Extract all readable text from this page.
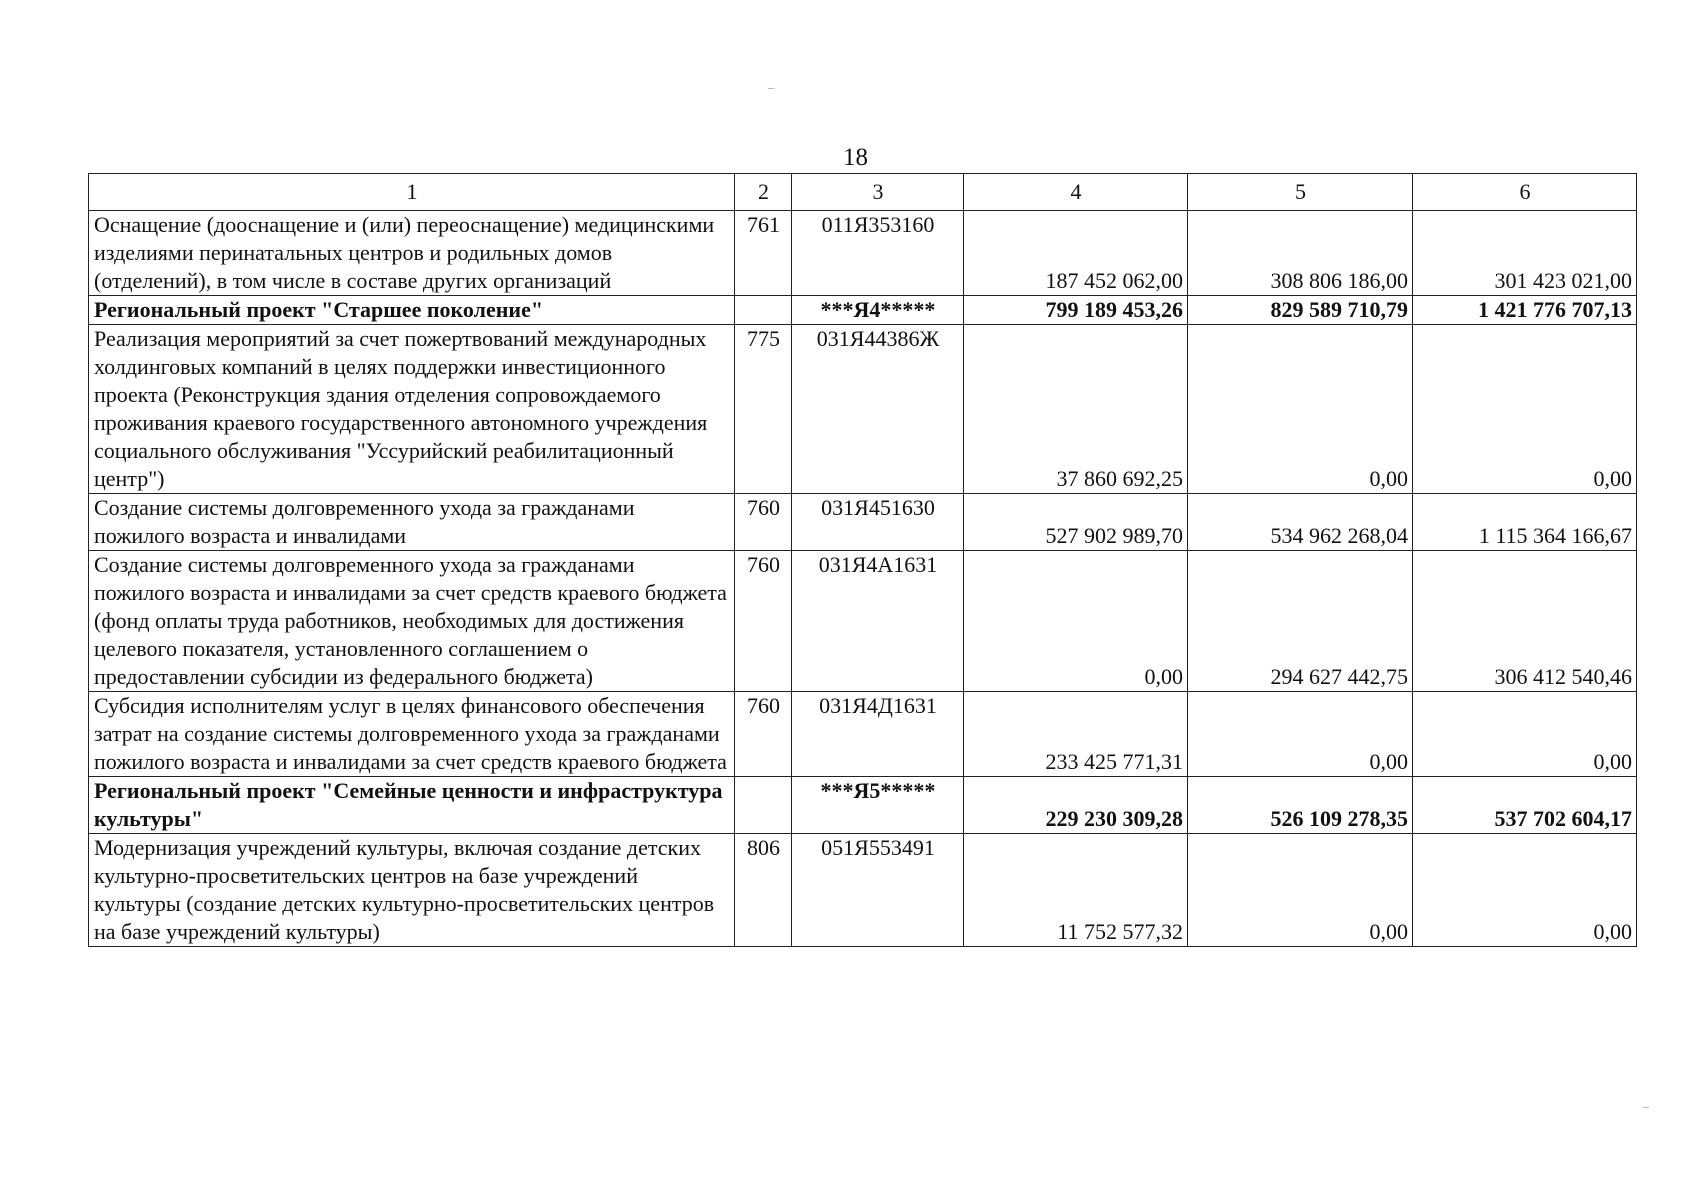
18
1	2	3	4	5	6
Оснащение (дооснащение и (или) переоснащение) медицинскими изделиями перинатальных центров и родильных домов (отделений), в том числе в составе других организаций	761	011Я353160	187 452 062,00	308 806 186,00	301 423 021,00
Региональный проект "Старшее поколение"		***Я4*****	799 189 453,26	829 589 710,79	1 421 776 707,13
Реализация мероприятий за счет пожертвований международных холдинговых компаний в целях поддержки инвестиционного проекта (Реконструкция здания отделения сопровождаемого проживания краевого государственного автономного учреждения социального обслуживания "Уссурийский реабилитационный центр")	775	031Я44386Ж	37 860 692,25	0,00	0,00
Создание системы долговременного ухода за гражданами пожилого возраста и инвалидами	760	031Я451630	527 902 989,70	534 962 268,04	1 115 364 166,67
Создание системы долговременного ухода за гражданами пожилого возраста и инвалидами за счет средств краевого бюджета (фонд оплаты труда работников, необходимых для достижения целевого показателя, установленного соглашением о предоставлении субсидии из федерального бюджета)	760	031Я4А1631	0,00	294 627 442,75	306 412 540,46
Субсидия исполнителям услуг в целях финансового обеспечения затрат на создание системы долговременного ухода за гражданами пожилого возраста и инвалидами за счет средств краевого бюджета	760	031Я4Д1631	233 425 771,31	0,00	0,00
Региональный проект "Семейные ценности и инфраструктура культуры"		***Я5*****	229 230 309,28	526 109 278,35	537 702 604,17
Модернизация учреждений культуры, включая создание детских культурно-просветительских центров на базе учреждений культуры (создание детских культурно-просветительских центров на базе учреждений культуры)	806	051Я553491	11 752 577,32	0,00	0,00
